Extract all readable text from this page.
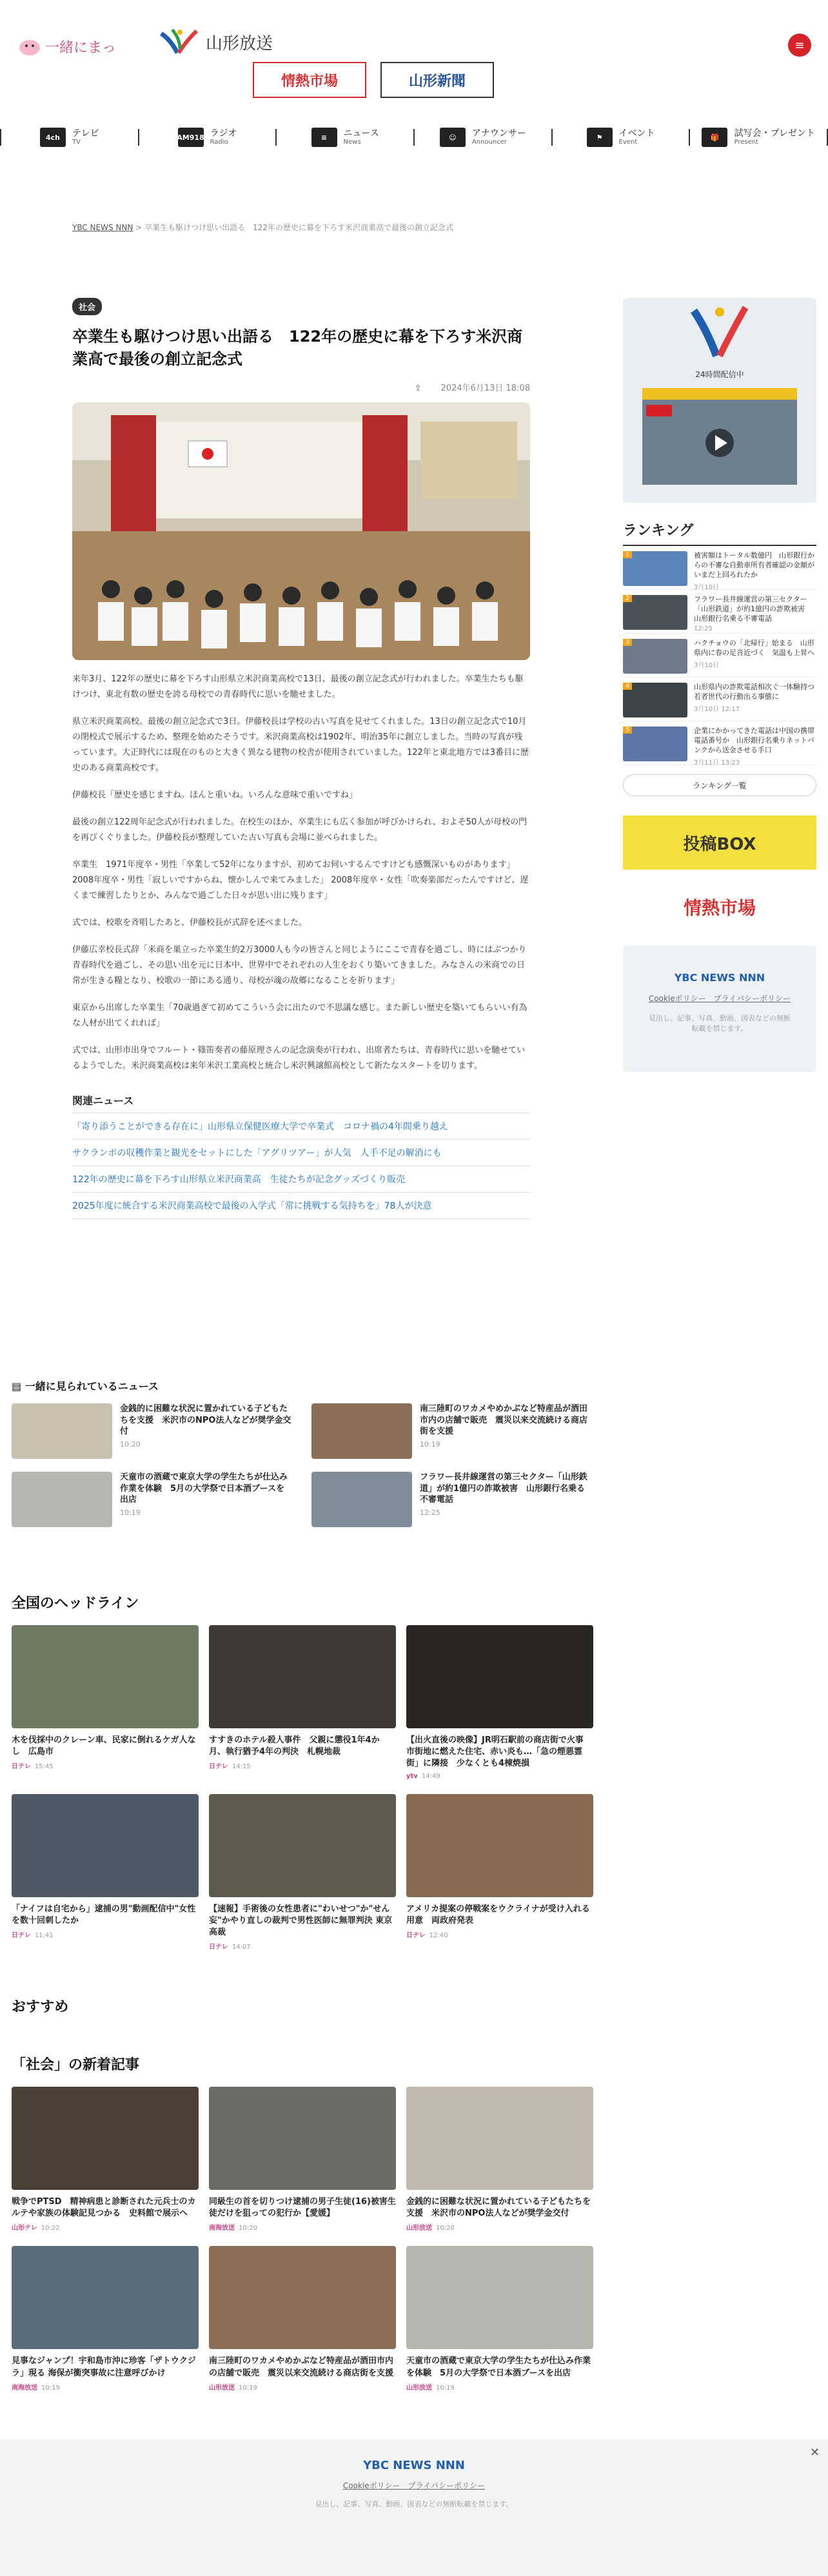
一緒にまっ	山形放送
情熱市場	山形新聞
≡
4ch	テレビ
TV
AM918 ラジオ
Radio
≡	ニュース
News
☺	アナウンサー
Announcer
⚑	イベント
Event
🎁	試写会・プレゼント
Present
YBC NEWS NNN > 卒業生も駆けつけ思い出語る　122年の歴史に幕を下ろす米沢商業高で最後の創立記念式
社会
卒業生も駆けつけ思い出語る　122年の歴史に幕を下ろす米沢商業高で最後の創立記念式
⇪ 2024年6月13日 18:08

来年3月、122年の歴史に幕を下ろす山形県立米沢商業高校で13日、最後の創立記念式が行われました。卒業生たちも駆けつけ、東北有数の歴史を誇る母校での青春時代に思いを馳せました。

県立米沢商業高校。最後の創立記念式で3日。伊藤校長は学校の古い写真を見せてくれました。13日の創立記念式で10月の閉校式で展示するため、整理を始めたそうです。米沢商業高校は1902年、明治35年に創立しました。当時の写真が残っています。大正時代には現在のものと大きく異なる建物の校舎が使用されていました。122年と東北地方では3番目に歴史のある商業高校です。

伊藤校長「歴史を感じますね。ほんと重いね。いろんな意味で重いですね」

最後の創立122周年記念式が行われました。在校生のほか、卒業生にも広く参加が呼びかけられ、およそ50人が母校の門を再びくぐりました。伊藤校長が整理していた古い写真も会場に並べられました。

卒業生　1971年度卒・男性「卒業して52年になりますが、初めてお伺いするんですけども感慨深いものがあります」 2008年度卒・男性「寂しいですからね、懐かしんで来てみました」 2008年度卒・女性「吹奏楽部だったんですけど、遅くまで練習したりとか、みんなで過ごした日々が思い出に残ります」

式では、校歌を斉唱したあと、伊藤校長が式辞を述べました。

伊藤広幸校長式辞「米商を巣立った卒業生約2万3000人も今の皆さんと同じようにここで青春を過ごし、時にはぶつかり青春時代を過ごし、その思い出を元に日本中、世界中でそれぞれの人生をおくり築いてきました。みなさんの米商での日常が生きる糧となり、校歌の一節にある通り、母校が魂の故郷になることを祈ります」

東京から出席した卒業生「70歳過ぎて初めてこういう会に出たので不思議な感じ。また新しい歴史を築いてもらいい有為な人材が出てくれれば」

式では、山形市出身でフルート・篠笛奏者の藤原理さんの記念演奏が行われ、出席者たちは、青春時代に思いを馳せているようでした。米沢商業高校は来年米沢工業高校と統合し米沢興譲館高校として新たなスタートを切ります。

関連ニュース
「寄り添うことができる存在に」山形県立保健医療大学で卒業式　コロナ禍の4年間乗り越え
サクランボの収穫作業と観光をセットにした「アグリツアー」が人気　人手不足の解消にも
122年の歴史に幕を下ろす山形県立米沢商業高　生徒たちが記念グッズづくり販売
2025年度に統合する米沢商業高校で最後の入学式「常に挑戦する気持ちを」78人が決意
24時間配信中
ランキング
1	被害額はトータル数億円　山形銀行からの不審な自動車所有者確認の金額がいまだ上回ろれたか
3月10日
2	フラワー長井線運営の第三セクター「山形鉄道」が約1億円の詐欺被害　山形銀行名乗る不審電話
12:25
3	ハクチョウの「北帰行」始まる　山形県内に春の足音近づく　気温も上昇へ
3月10日
4	山形県内の詐欺電話相次ぐ一体験持つ若者世代の行動出る事態に
3月10日 12:17
5	企業にかかってきた電話は中国の携帯電話番号か　山形銀行名乗りネットバンクから送金させる手口
3月11日 13:23
ランキング一覧
投稿BOX
情熱市場
YBC NEWS NNN
Cookieポリシー　プライバシーポリシー
見出し、記事、写真、動画、図表などの無断転載を禁じます。
▤ 一緒に見られているニュース
金銭的に困難な状況に置かれている子どもたちを支援　米沢市のNPO法人などが奨学金交付
10:20
南三陸町のワカメやめかぶなど特産品が酒田市内の店舗で販売　震災以来交流続ける商店街を支援
10:19
天童市の酒蔵で東京大学の学生たちが仕込み作業を体験　5月の大学祭で日本酒ブースを出店
10:19
フラワー長井線運営の第三セクター「山形鉄道」が約1億円の詐欺被害　山形銀行名乗る不審電話
12:25
全国のヘッドライン
木を伐採中のクレーン車、民家に倒れるケガ人なし　広島市
日テレ 15:45
すすきのホテル殺人事件　父親に懲役1年4か月、執行猶予4年の判決　札幌地裁
日テレ 14:15
【出火直後の映像】JR明石駅前の商店街で火事　市街地に燃えた住宅、赤い炎も…「急の煙悪霊街」に隣接　少なくとも4棟焼損
ytv 14:49
「ナイフは自宅から」逮捕の男"動画配信中"女性を数十回刺したか
日テレ 11:41
【速報】手術後の女性患者に"わいせつ"か"せん妄"かやり直しの裁判で男性医師に無罪判決 東京高裁
日テレ 14:07
アメリカ提案の停戦案をウクライナが受け入れる用意　両政府発表
日テレ 12:40
おすすめ
「社会」の新着記事
戦争でPTSD　精神病患と診断された元兵士のカルテや家族の体験記見つかる　史料館で展示へ
山形テレ 10:22
同級生の首を切りつけ逮捕の男子生徒(16)被害生徒だけを狙っての犯行か【愛媛】
南海放送 10:20
金銭的に困難な状況に置かれている子どもたちを支援　米沢市のNPO法人などが奨学金交付
山形放送 10:20
見事なジャンプ！宇和島市沖に珍客「ザトウクジラ」現る 海保が衝突事故に注意呼びかけ
南海放送 10:19
南三陸町のワカメやめかぶなど特産品が酒田市内の店舗で販売　震災以来交流続ける商店街を支援
山形放送 10:19
天童市の酒蔵で東京大学の学生たちが仕込み作業を体験　5月の大学祭で日本酒ブースを出店
山形放送 10:19
YBC NEWS NNN
Cookieポリシー　プライバシーポリシー
見出し、記事、写真、動画、図表などの無断転載を禁じます。
✕
